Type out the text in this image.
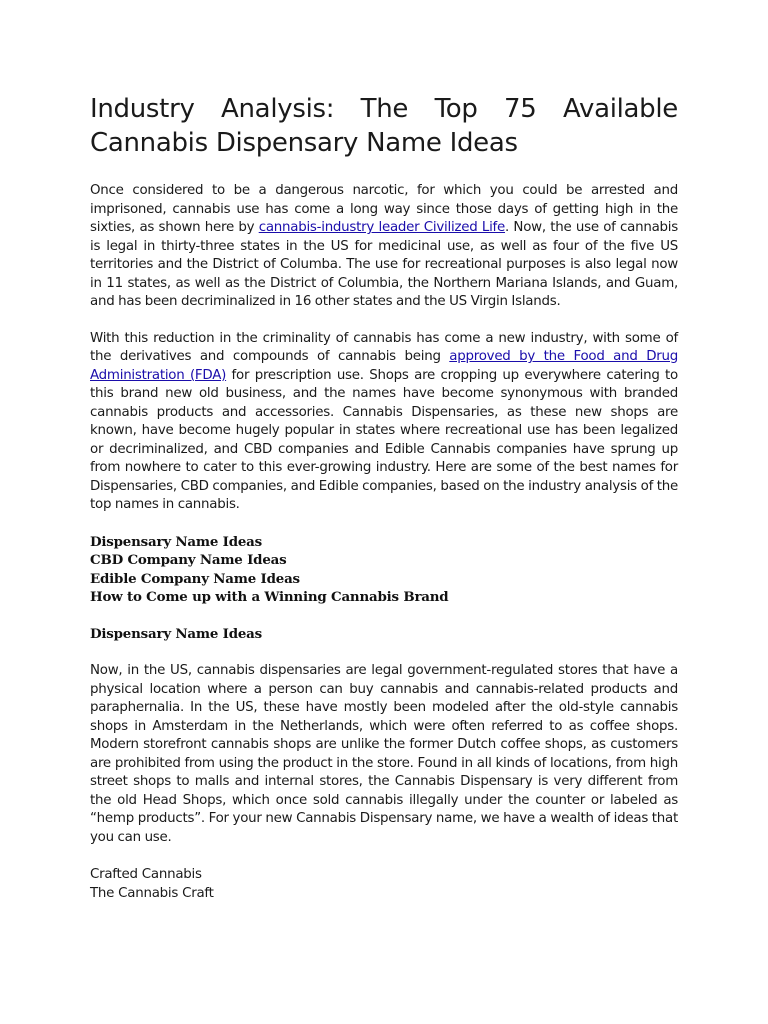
Industry Analysis: The Top 75 Available Cannabis Dispensary Name Ideas

Once considered to be a dangerous narcotic, for which you could be arrested and imprisoned, cannabis use has come a long way since those days of getting high in the sixties, as shown here by cannabis-industry leader Civilized Life. Now, the use of cannabis is legal in thirty-three states in the US for medicinal use, as well as four of the five US territories and the District of Columba. The use for recreational purposes is also legal now in 11 states, as well as the District of Columbia, the Northern Mariana Islands, and Guam, and has been decriminalized in 16 other states and the US Virgin Islands.

With this reduction in the criminality of cannabis has come a new industry, with some of the derivatives and compounds of cannabis being approved by the Food and Drug Administration (FDA) for prescription use. Shops are cropping up everywhere catering to this brand new old business, and the names have become synonymous with branded cannabis products and accessories. Cannabis Dispensaries, as these new shops are known, have become hugely popular in states where recreational use has been legalized or decriminalized, and CBD companies and Edible Cannabis companies have sprung up from nowhere to cater to this ever-growing industry. Here are some of the best names for Dispensaries, CBD companies, and Edible companies, based on the industry analysis of the top names in cannabis.

Dispensary Name Ideas
CBD Company Name Ideas
Edible Company Name Ideas
How to Come up with a Winning Cannabis Brand
Dispensary Name Ideas

Now, in the US, cannabis dispensaries are legal government-regulated stores that have a physical location where a person can buy cannabis and cannabis-related products and paraphernalia. In the US, these have mostly been modeled after the old-style cannabis shops in Amsterdam in the Netherlands, which were often referred to as coffee shops. Modern storefront cannabis shops are unlike the former Dutch coffee shops, as customers are prohibited from using the product in the store. Found in all kinds of locations, from high street shops to malls and internal stores, the Cannabis Dispensary is very different from the old Head Shops, which once sold cannabis illegally under the counter or labeled as “hemp products”. For your new Cannabis Dispensary name, we have a wealth of ideas that you can use.

Crafted Cannabis
The Cannabis Craft
